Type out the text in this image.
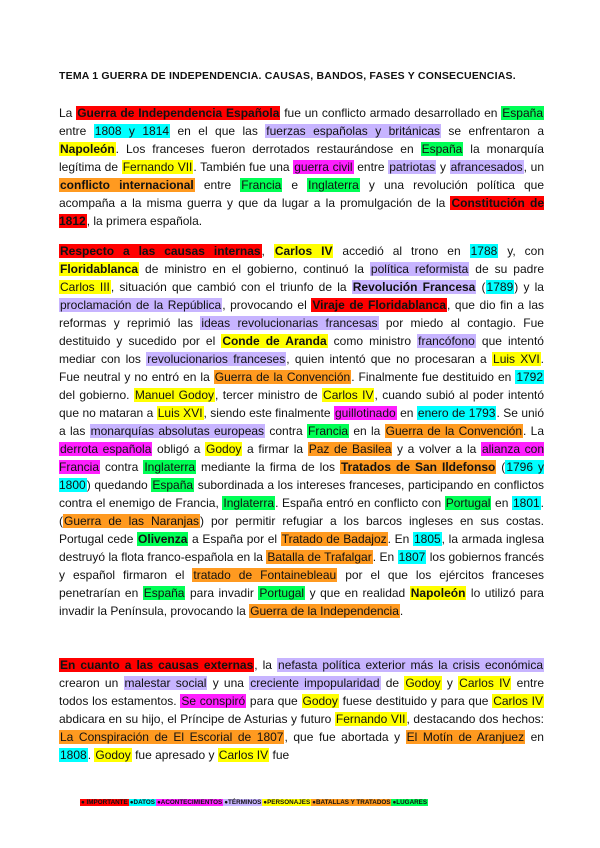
TEMA 1 GUERRA DE INDEPENDENCIA. CAUSAS, BANDOS, FASES Y CONSECUENCIAS.
La Guerra de Independencia Española fue un conflicto armado desarrollado en España entre 1808 y 1814 en el que las fuerzas españolas y británicas se enfrentaron a Napoleón. Los franceses fueron derrotados restaurándose en España la monarquía legítima de Fernando VII. También fue una guerra civil entre patriotas y afrancesados, un conflicto internacional entre Francia e Inglaterra y una revolución política que acompaña a la misma guerra y que da lugar a la promulgación de la Constitución de 1812, la primera española.
Respecto a las causas internas, Carlos IV accedió al trono en 1788 y, con Floridablanca de ministro en el gobierno, continuó la política reformista de su padre Carlos III, situación que cambió con el triunfo de la Revolución Francesa (1789) y la proclamación de la República, provocando el Viraje de Floridablanca, que dio fin a las reformas y reprimió las ideas revolucionarias francesas por miedo al contagio. Fue destituido y sucedido por el Conde de Aranda como ministro francófono que intentó mediar con los revolucionarios franceses, quien intentó que no procesaran a Luis XVI. Fue neutral y no entró en la Guerra de la Convención. Finalmente fue destituido en 1792 del gobierno. Manuel Godoy, tercer ministro de Carlos IV, cuando subió al poder intentó que no mataran a Luis XVI, siendo este finalmente guillotinado en enero de 1793. Se unió a las monarquías absolutas europeas contra Francia en la Guerra de la Convención. La derrota española obligó a Godoy a firmar la Paz de Basilea y a volver a la alianza con Francia contra Inglaterra mediante la firma de los Tratados de San Ildefonso (1796 y 1800) quedando España subordinada a los intereses franceses, participando en conflictos contra el enemigo de Francia, Inglaterra. España entró en conflicto con Portugal en 1801. (Guerra de las Naranjas) por permitir refugiar a los barcos ingleses en sus costas. Portugal cede Olivenza a España por el Tratado de Badajoz. En 1805, la armada inglesa destruyó la flota franco-española en la Batalla de Trafalgar. En 1807 los gobiernos francés y español firmaron el tratado de Fontainebleau por el que los ejércitos franceses penetrarían en España para invadir Portugal y que en realidad Napoleón lo utilizó para invadir la Península, provocando la Guerra de la Independencia.
En cuanto a las causas externas, la nefasta política exterior más la crisis económica crearon un malestar social y una creciente impopularidad de Godoy y Carlos IV entre todos los estamentos. Se conspiró para que Godoy fuese destituido y para que Carlos IV abdicara en su hijo, el Príncipe de Asturias y futuro Fernando VII, destacando dos hechos: La Conspiración de El Escorial de 1807, que fue abortada y El Motín de Aranjuez en 1808. Godoy fue apresado y Carlos IV fue
● IMPORTANTE ●DATOS ●ACONTECIMIENTOS ●TÉRMINOS ●PERSONAJES ●BATALLAS Y TRATADOS ●LUGARES
